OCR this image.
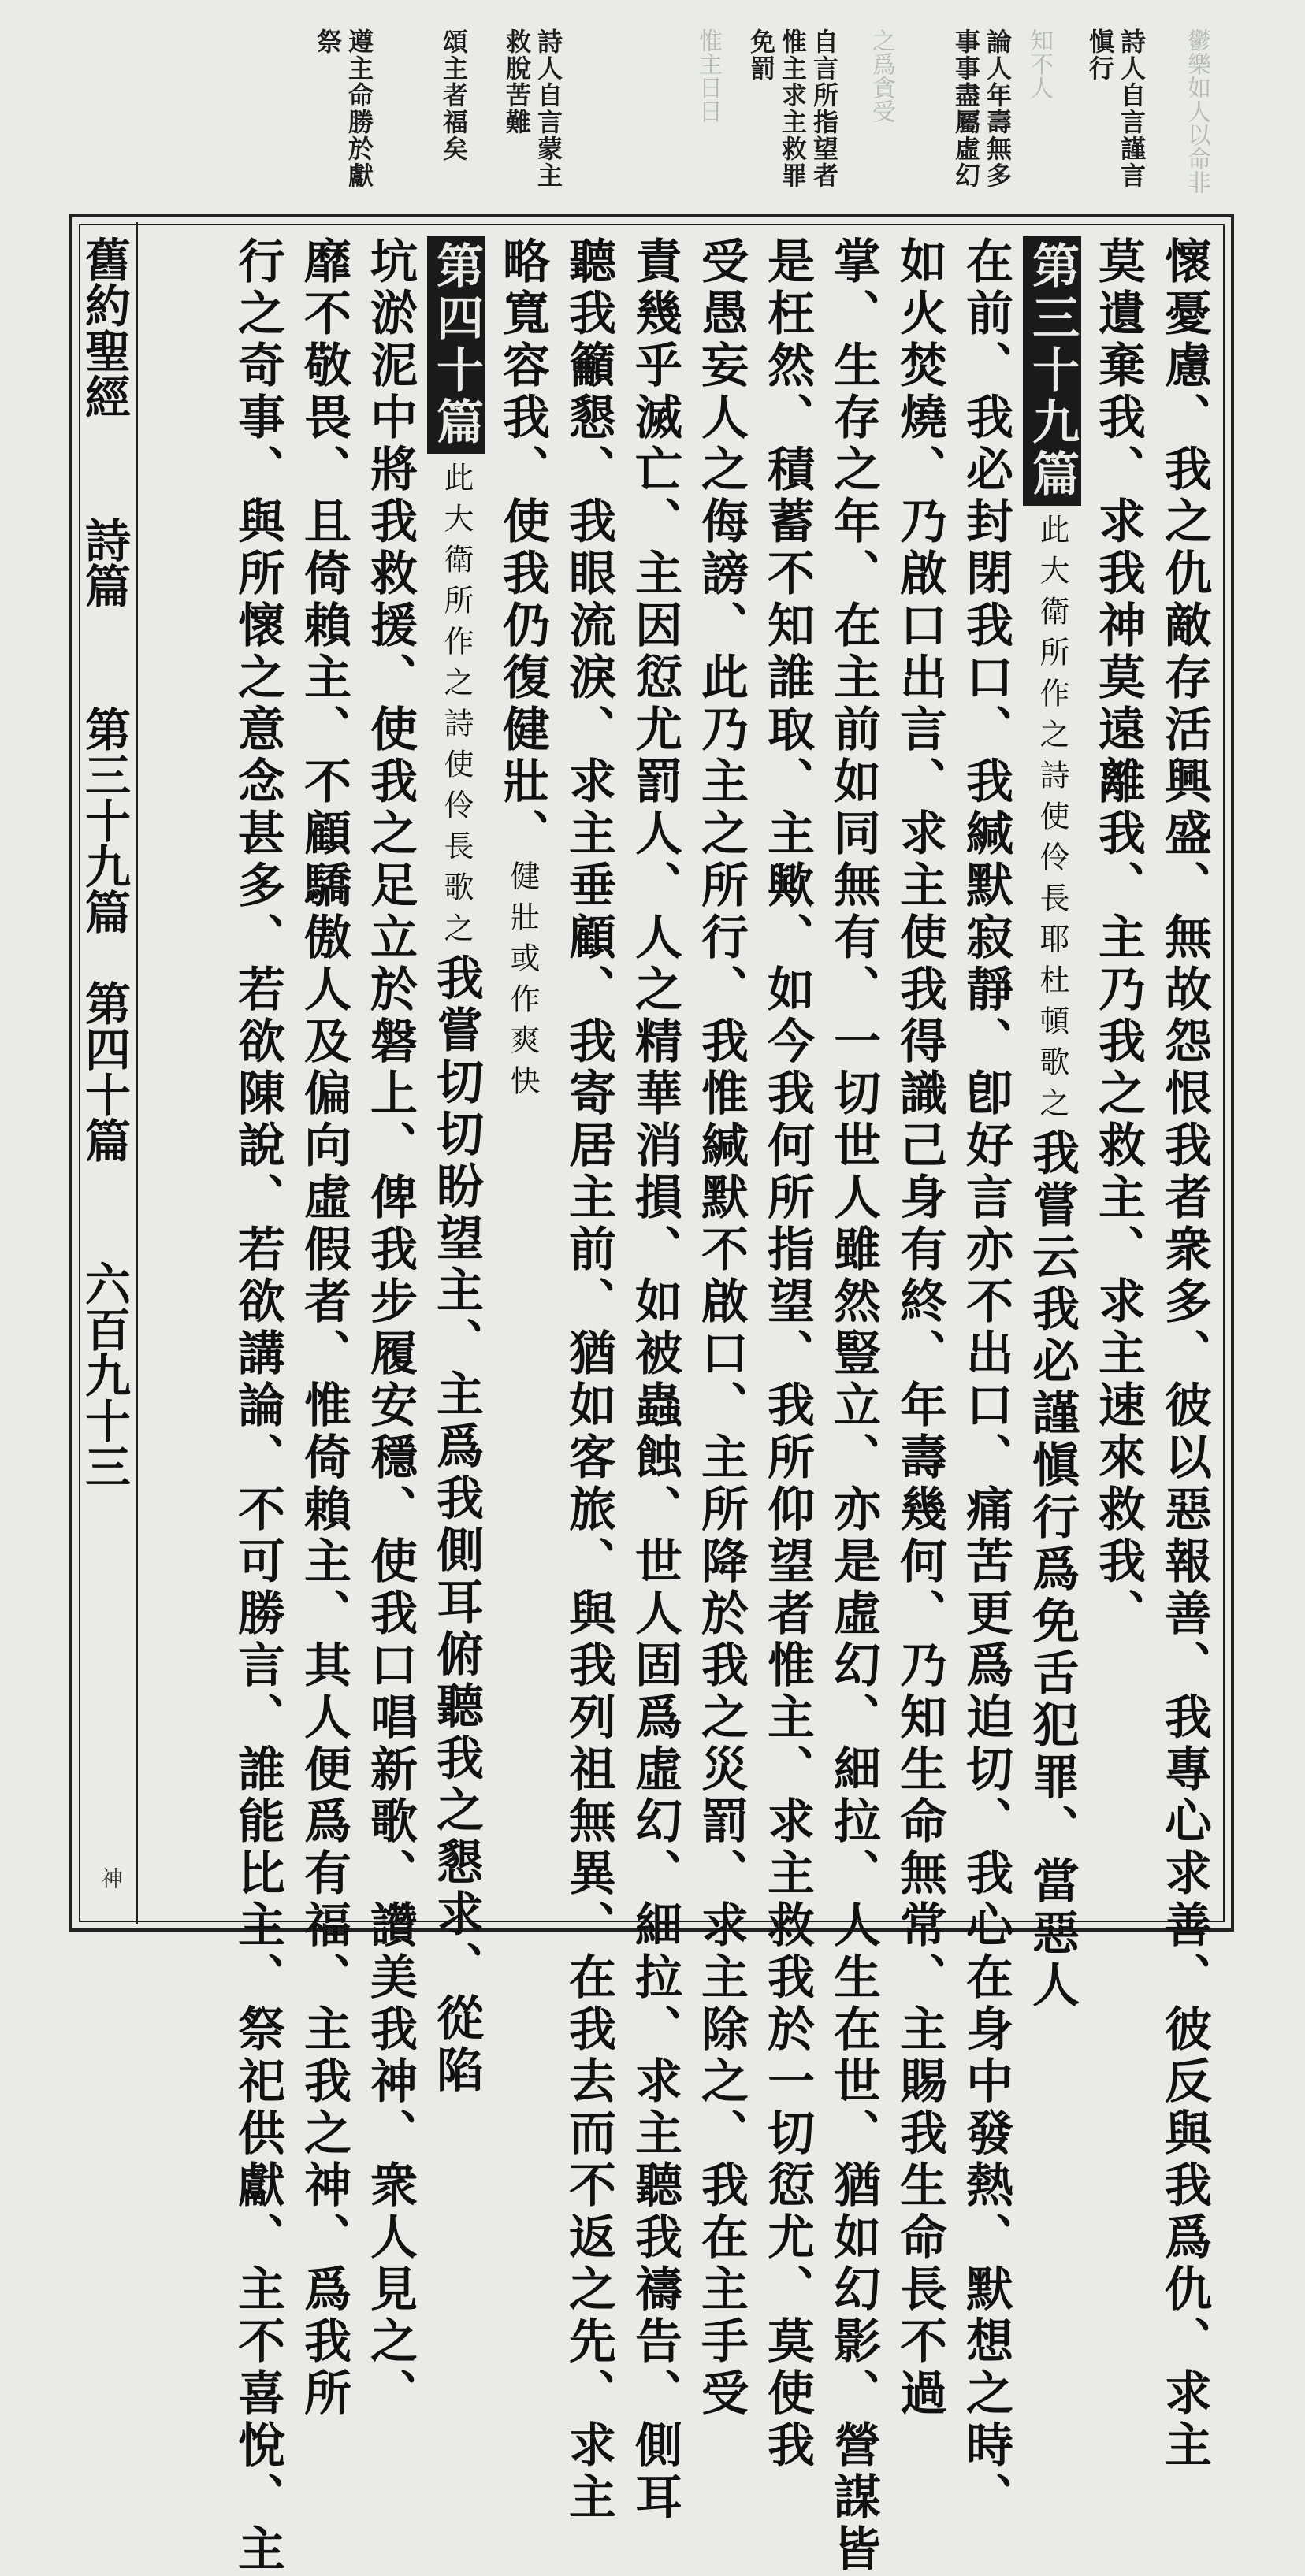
鬱樂如人以命非
詩人自言謹言愼行
知不人
論人年壽無多事事盡屬虛幻
之爲貪受
自言所指望者惟主求主救罪免罰
惟主日日
詩人自言蒙主救脫苦難
頌主者福矣
遵主命勝於獻祭
舊約聖經 詩篇 第三十九篇　第四十篇 六百九十三	懷憂慮、我之仇敵存活興盛、無故怨恨我者衆多、彼以惡報善、我專心求善、彼反與我爲仇、求主
莫遺棄我、求我神莫遠離我、主乃我之救主、求主速來救我、
第三十九篇此大衛所作之詩使伶長耶杜頓歌之我嘗云我必謹愼行爲免舌犯罪、當惡人
在前、我必封閉我口、我緘默寂靜、卽好言亦不出口、痛苦更爲迫切、我心在身中發熱、默想之時、
如火焚燒、乃啟口出言、求主使我得識己身有終、年壽幾何、乃知生命無常、主賜我生命長不過
掌、生存之年、在主前如同無有、一切世人雖然豎立、亦是虛幻、細拉、人生在世、猶如幻影、營謀皆
是枉然、積蓄不知誰取、主歟、如今我何所指望、我所仰望者惟主、求主救我於一切愆尤、莫使我
受愚妄人之侮謗、此乃主之所行、我惟緘默不啟口、主所降於我之災罰、求主除之、我在主手受
責幾乎滅亡、主因愆尤罰人、人之精華消損、如被蟲蝕、世人固爲虛幻、細拉、求主聽我禱告、側耳
聽我籲懇、我眼流淚、求主垂顧、我寄居主前、猶如客旅、與我列祖無異、在我去而不返之先、求主
略寬容我、使我仍復健壯、健壯或作爽快
第四十篇此大衛所作之詩使伶長歌之我嘗切切盼望主、主爲我側耳俯聽我之懇求、從陷
坑淤泥中將我救援、使我之足立於磐上、俾我步履安穩、使我口唱新歌、讚美我神、衆人見之、
靡不敬畏、且倚賴主、不顧驕傲人及偏向虛假者、惟倚賴主、其人便爲有福、主我之神、爲我所
行之奇事、與所懷之意念甚多、若欲陳說、若欲講論、不可勝言、誰能比主、祭祀供獻、主不喜悅、主
神
